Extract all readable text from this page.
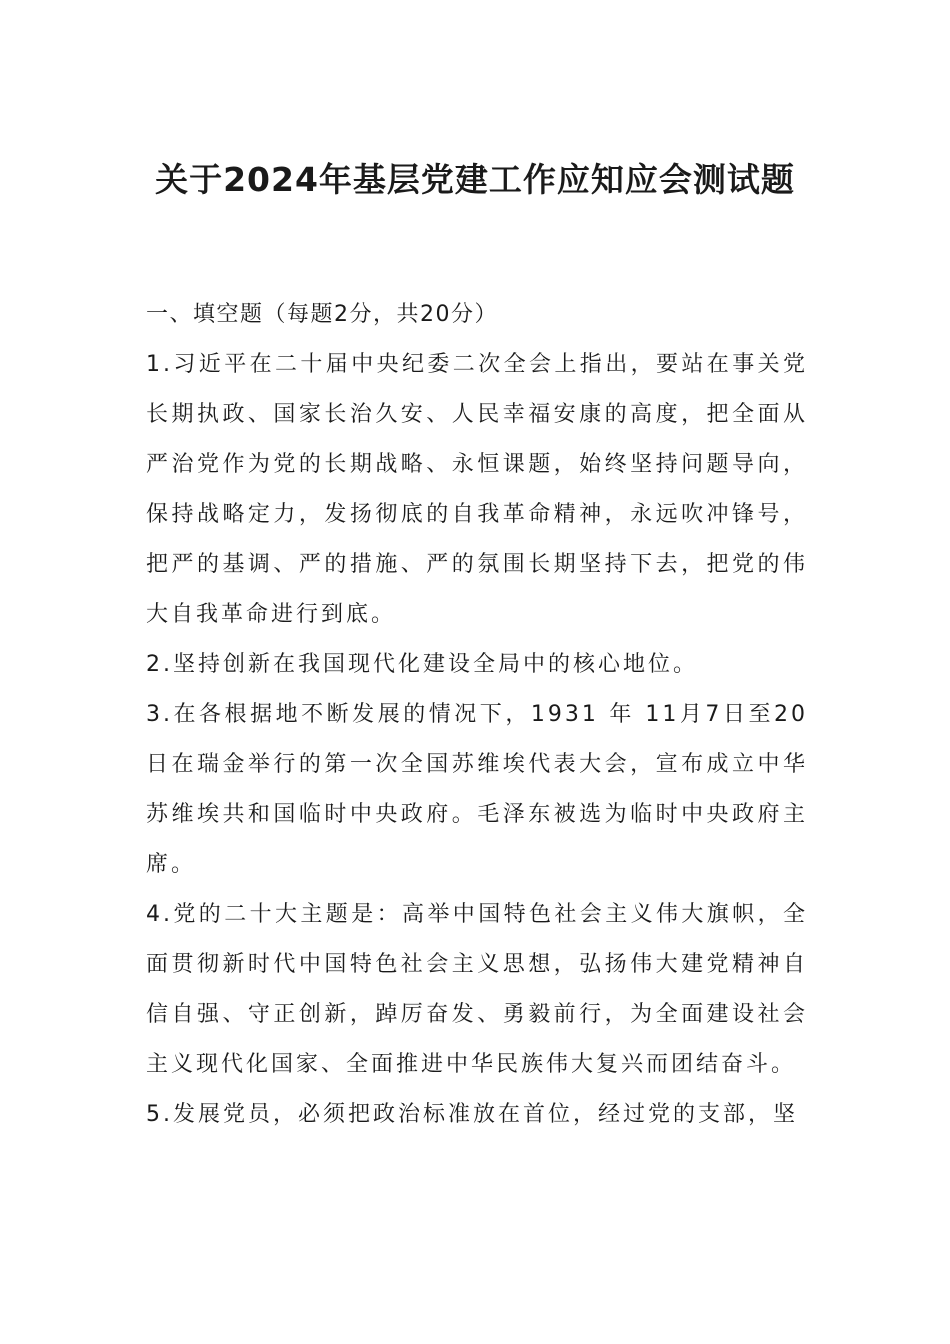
关于2024年基层党建工作应知应会测试题

一、填空题（每题2分，共20分）

1.习近平在二十届中央纪委二次全会上指出，要站在事关党长期执政、国家长治久安、人民幸福安康的高度，把全面从严治党作为党的长期战略、永恒课题，始终坚持问题导向，保持战略定力，发扬彻底的自我革命精神，永远吹冲锋号，把严的基调、严的措施、严的氛围长期坚持下去，把党的伟大自我革命进行到底。

2.坚持创新在我国现代化建设全局中的核心地位。

3.在各根据地不断发展的情况下，1931 年 11月7日至20日在瑞金举行的第一次全国苏维埃代表大会，宣布成立中华苏维埃共和国临时中央政府。毛泽东被选为临时中央政府主席。

4.党的二十大主题是：高举中国特色社会主义伟大旗帜，全面贯彻新时代中国特色社会主义思想，弘扬伟大建党精神自信自强、守正创新，踔厉奋发、勇毅前行，为全面建设社会主义现代化国家、全面推进中华民族伟大复兴而团结奋斗。

5.发展党员，必须把政治标准放在首位，经过党的支部，坚
